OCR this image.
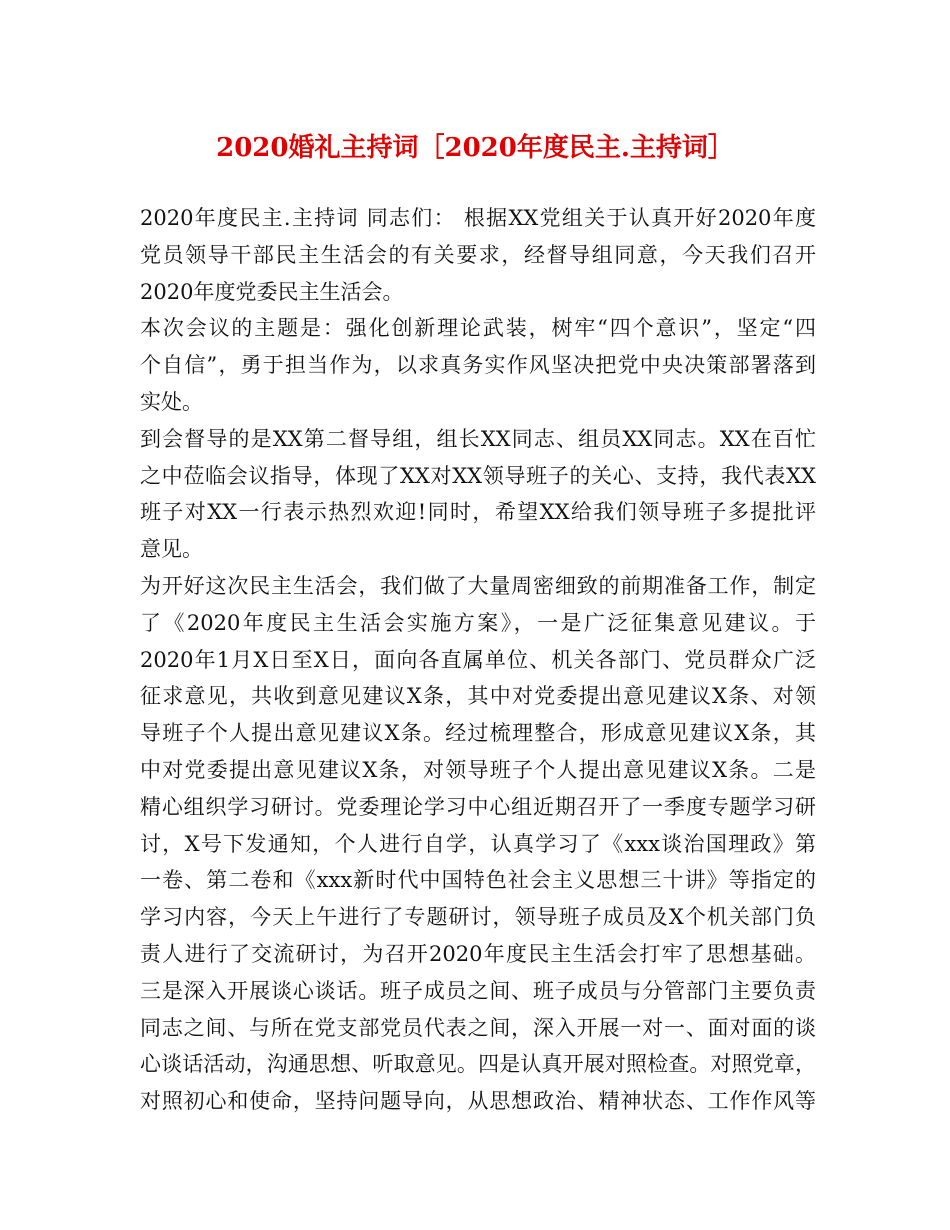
2020婚礼主持词［2020年度民主.主持词］
2020年度民主.主持词 同志们： 根据XX党组关于认真开好2020年度
党员领导干部民主生活会的有关要求，经督导组同意，今天我们召开
2020年度党委民主生活会。
本次会议的主题是：强化创新理论武装，树牢“四个意识”，坚定“四
个自信”，勇于担当作为，以求真务实作风坚决把党中央决策部署落到
实处。
到会督导的是XX第二督导组，组长XX同志、组员XX同志。XX在百忙
之中莅临会议指导，体现了XX对XX领导班子的关心、支持，我代表XX
班子对XX一行表示热烈欢迎!同时，希望XX给我们领导班子多提批评
意见。
为开好这次民主生活会，我们做了大量周密细致的前期准备工作，制定
了《2020年度民主生活会实施方案》，一是广泛征集意见建议。于
2020年1月X日至X日，面向各直属单位、机关各部门、党员群众广泛
征求意见，共收到意见建议X条，其中对党委提出意见建议X条、对领
导班子个人提出意见建议X条。经过梳理整合，形成意见建议X条，其
中对党委提出意见建议X条，对领导班子个人提出意见建议X条。二是
精心组织学习研讨。党委理论学习中心组近期召开了一季度专题学习研
讨，X号下发通知，个人进行自学，认真学习了《xxx谈治国理政》第
一卷、第二卷和《xxx新时代中国特色社会主义思想三十讲》等指定的
学习内容，今天上午进行了专题研讨，领导班子成员及X个机关部门负
责人进行了交流研讨，为召开2020年度民主生活会打牢了思想基础。
三是深入开展谈心谈话。班子成员之间、班子成员与分管部门主要负责
同志之间、与所在党支部党员代表之间，深入开展一对一、面对面的谈
心谈话活动，沟通思想、听取意见。四是认真开展对照检查。对照党章，
对照初心和使命，坚持问题导向，从思想政治、精神状态、工作作风等
